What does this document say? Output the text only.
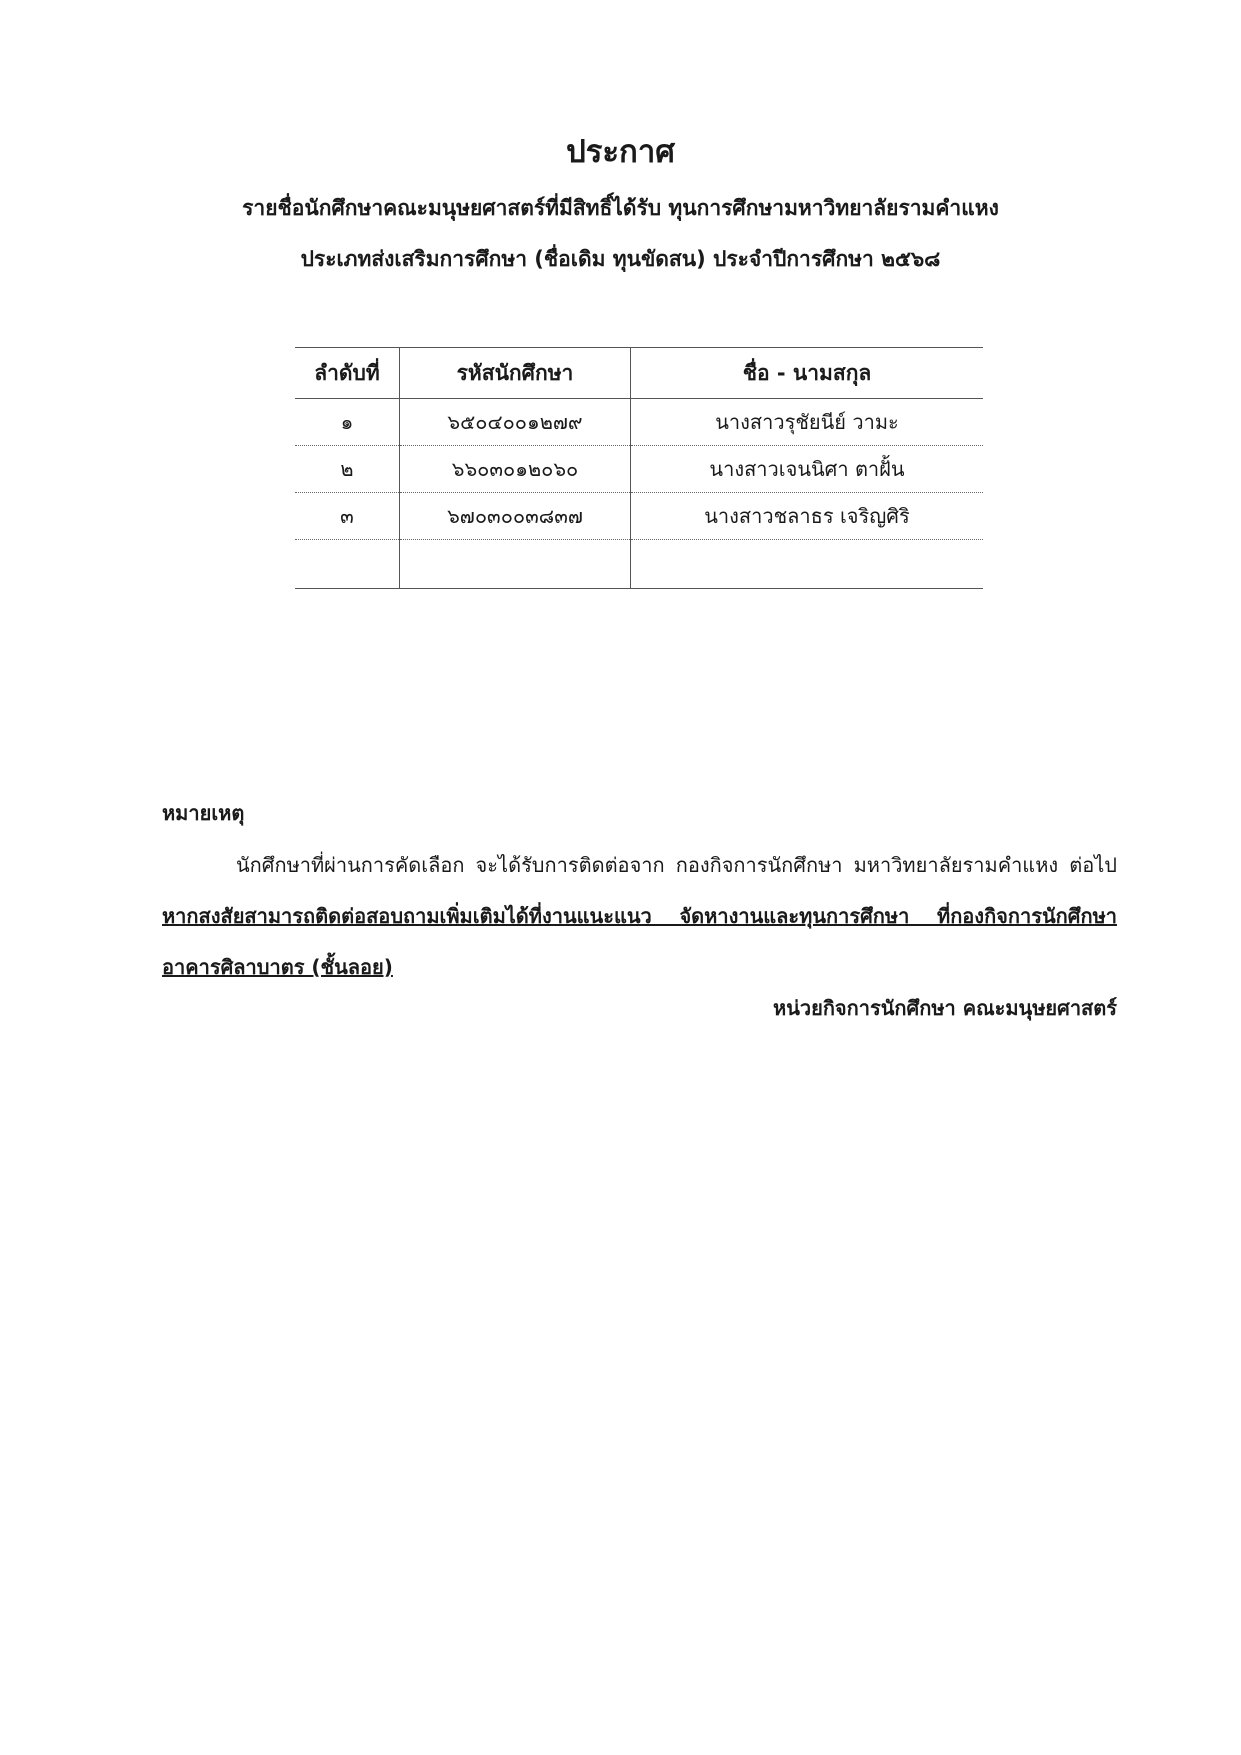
ประกาศ
รายชื่อนักศึกษาคณะมนุษยศาสตร์ที่มีสิทธิ์ได้รับ ทุนการศึกษามหาวิทยาลัยรามคำแหง
ประเภทส่งเสริมการศึกษา (ชื่อเดิม ทุนขัดสน) ประจำปีการศึกษา ๒๕๖๘
ลำดับที่	รหัสนักศึกษา	ชื่อ - นามสกุล
๑	๖๕๐๔๐๐๑๒๗๙	นางสาวรุชัยนีย์ วามะ
๒	๖๖๐๓๐๑๒๐๖๐	นางสาวเจนนิศา ตาฝั้น
๓	๖๗๐๓๐๐๓๘๓๗	นางสาวชลาธร เจริญศิริ

หมายเหตุ
นักศึกษาที่ผ่านการคัดเลือก จะได้รับการติดต่อจาก กองกิจการนักศึกษา มหาวิทยาลัยรามคำแหง ต่อไป หากสงสัยสามารถติดต่อสอบถามเพิ่มเติมได้ที่งานแนะแนว จัดหางานและทุนการศึกษา ที่กองกิจการนักศึกษา อาคารศิลาบาตร (ชั้นลอย)
หน่วยกิจการนักศึกษา คณะมนุษยศาสตร์
